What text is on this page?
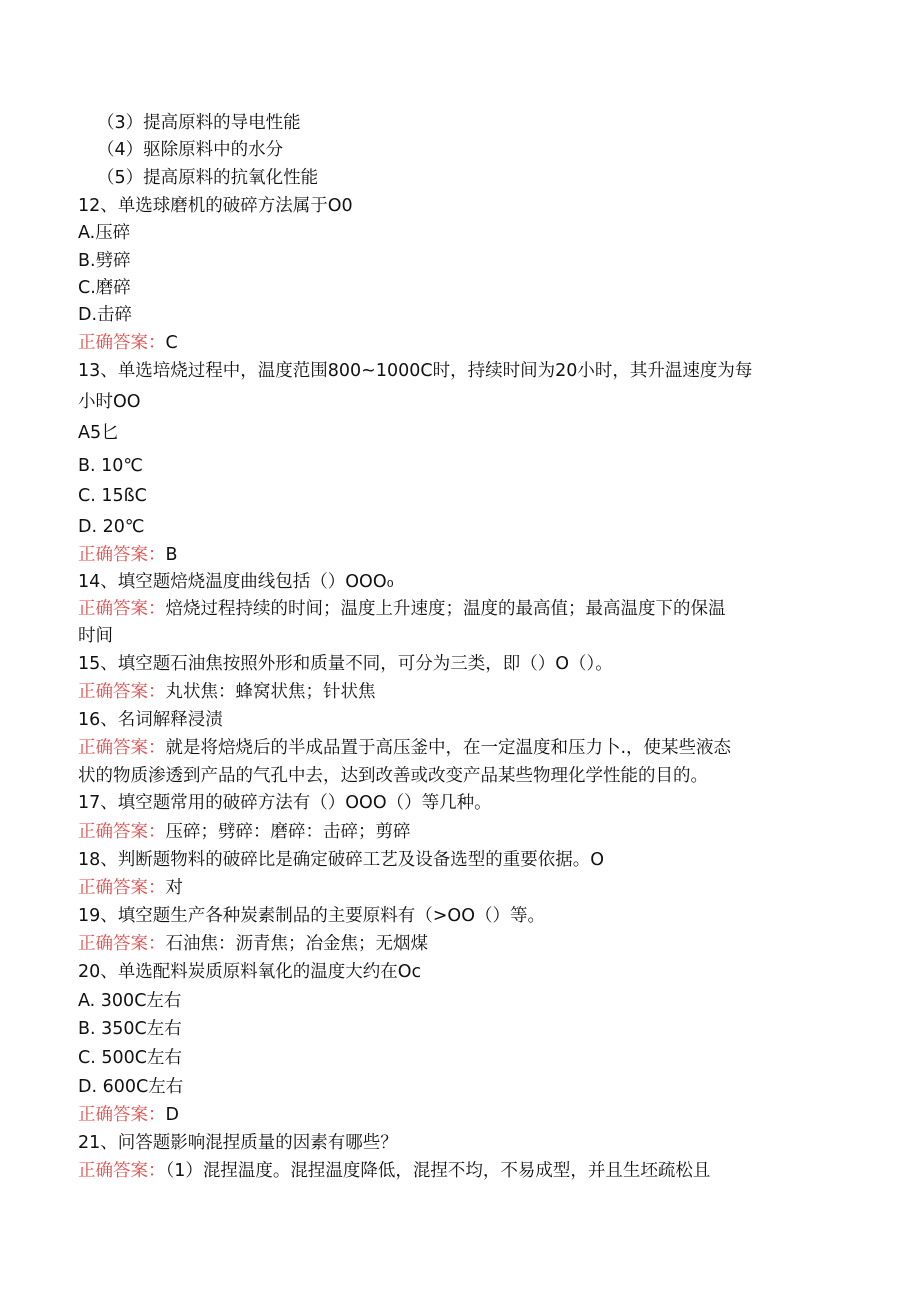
（3）提高原料的导电性能
（4）驱除原料中的水分
（5）提高原料的抗氧化性能
12、单选球磨机的破碎方法属于O0
A.压碎
B.劈碎
C.磨碎
D.击碎
正确答案：C
13、单选培烧过程中，温度范围800~1000C时，持续时间为20小时，其升温速度为每
小时OO
A5匕
B. 10℃
C. 15ßC
D. 20℃
正确答案：B
14、填空题焙烧温度曲线包括（）OOO₀
正确答案：焙烧过程持续的时间；温度上升速度；温度的最高值；最高温度下的保温
时间
15、填空题石油焦按照外形和质量不同，可分为三类，即（）O（）。
正确答案：丸状焦：蜂窝状焦；针状焦
16、名词解释浸渍
正确答案：就是将焙烧后的半成品置于高压釜中，在一定温度和压力卜.，使某些液态
状的物质渗透到产品的气孔中去，达到改善或改变产品某些物理化学性能的目的。
17、填空题常用的破碎方法有（）OOO（）等几种。
正确答案：压碎；劈碎：磨碎：击碎；剪碎
18、判断题物料的破碎比是确定破碎工艺及设备选型的重要依据。O
正确答案：对
19、填空题生产各种炭素制品的主要原料有（>OO（）等。
正确答案：石油焦：沥青焦；冶金焦；无烟煤
20、单选配料炭质原料氧化的温度大约在Oc
A. 300C左右
B. 350C左右
C. 500C左右
D. 600C左右
正确答案：D
21、问答题影响混捏质量的因素有哪些？
正确答案：（1）混捏温度。混捏温度降低，混捏不均，不易成型，并且生坯疏松且
